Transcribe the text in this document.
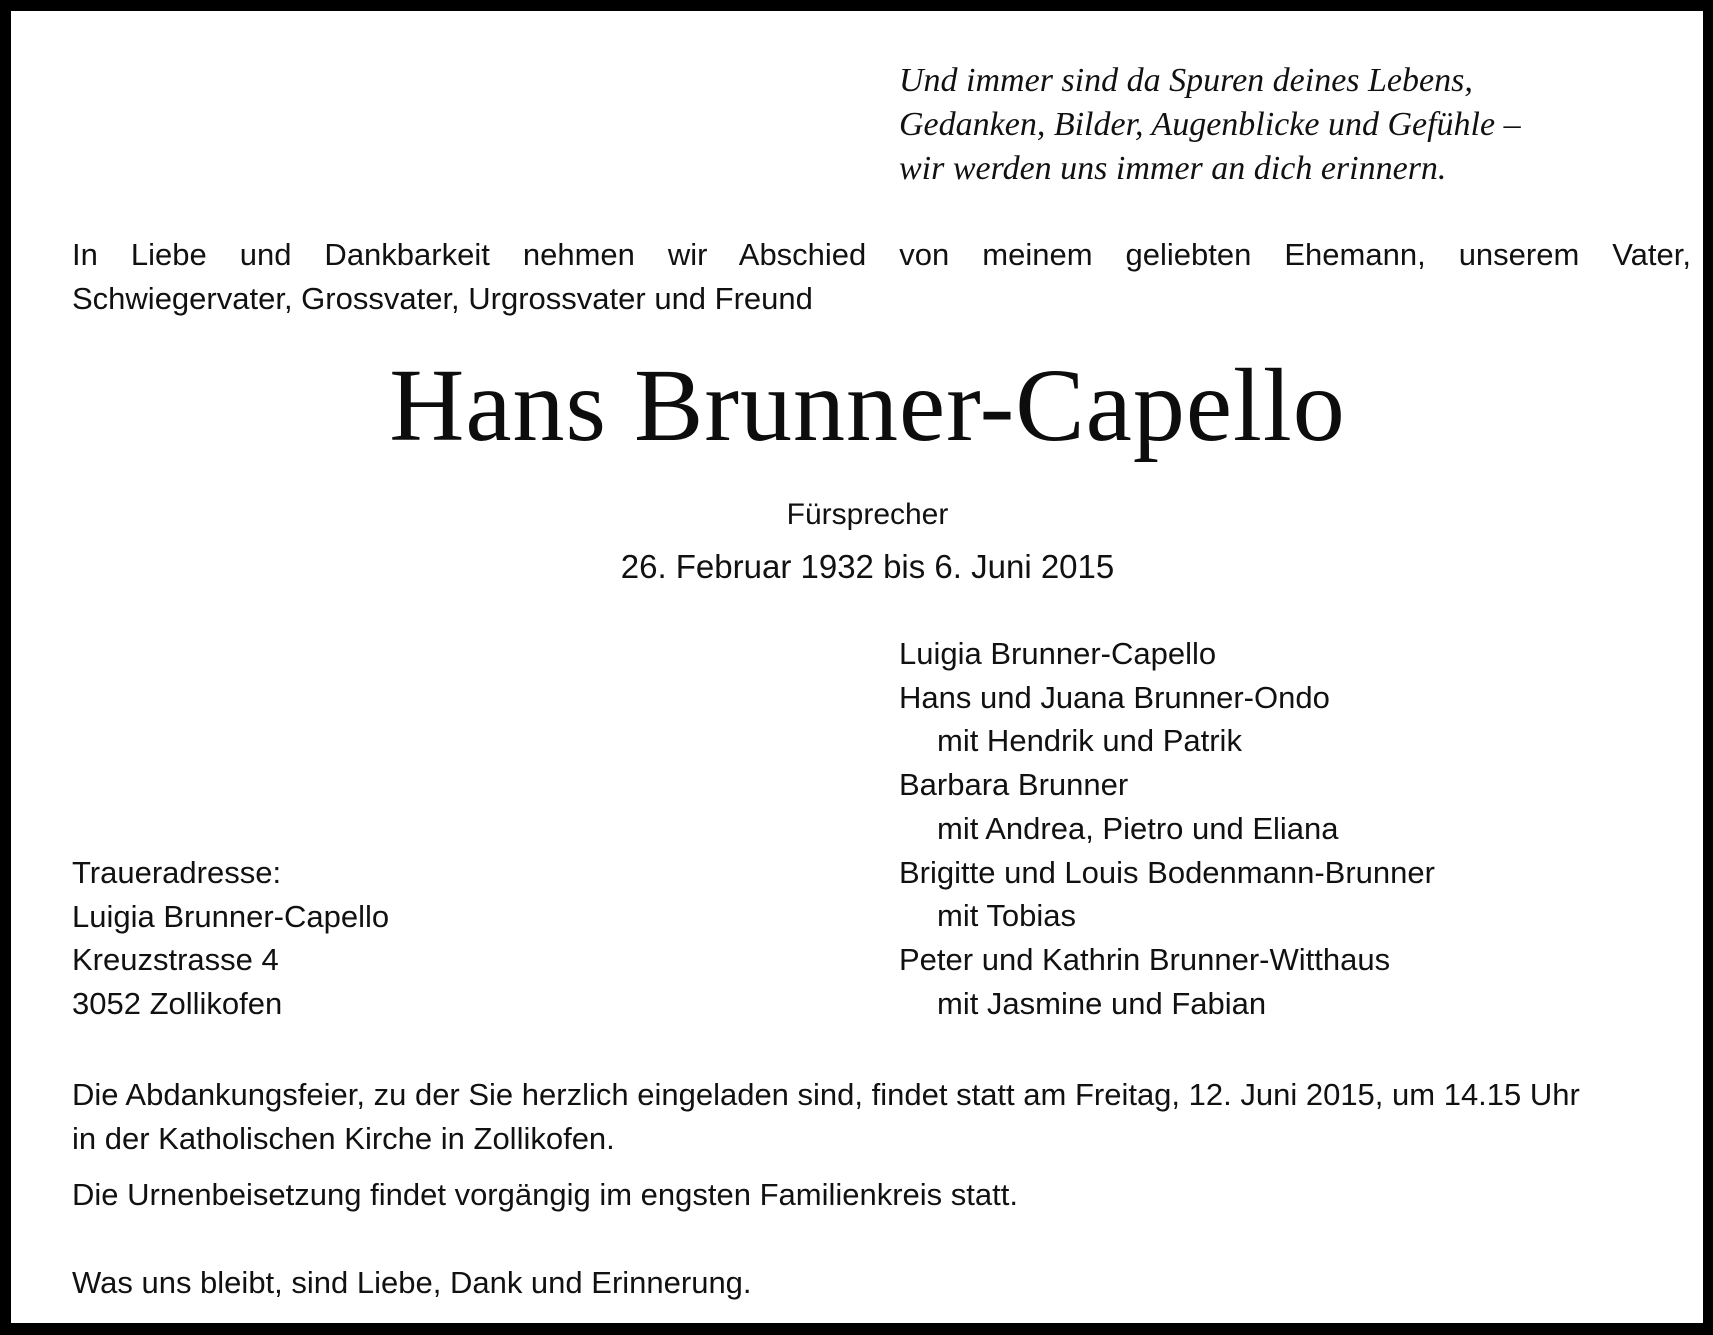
Und immer sind da Spuren deines Lebens,
Gedanken, Bilder, Augenblicke und Gefühle –
wir werden uns immer an dich erinnern.
In Liebe und Dankbarkeit nehmen wir Abschied von meinem geliebten Ehemann, unserem Vater,
Schwiegervater, Grossvater, Urgrossvater und Freund
Hans Brunner-Capello
Fürsprecher
26. Februar 1932 bis 6. Juni 2015
Luigia Brunner-Capello
Hans und Juana Brunner-Ondo
mit Hendrik und Patrik
Barbara Brunner
mit Andrea, Pietro und Eliana
Brigitte und Louis Bodenmann-Brunner
mit Tobias
Peter und Kathrin Brunner-Witthaus
mit Jasmine und Fabian
Traueradresse:
Luigia Brunner-Capello
Kreuzstrasse 4
3052 Zollikofen
Die Abdankungsfeier, zu der Sie herzlich eingeladen sind, findet statt am Freitag, 12. Juni 2015, um 14.15 Uhr
in der Katholischen Kirche in Zollikofen.
Die Urnenbeisetzung findet vorgängig im engsten Familienkreis statt.
Was uns bleibt, sind Liebe, Dank und Erinnerung.
